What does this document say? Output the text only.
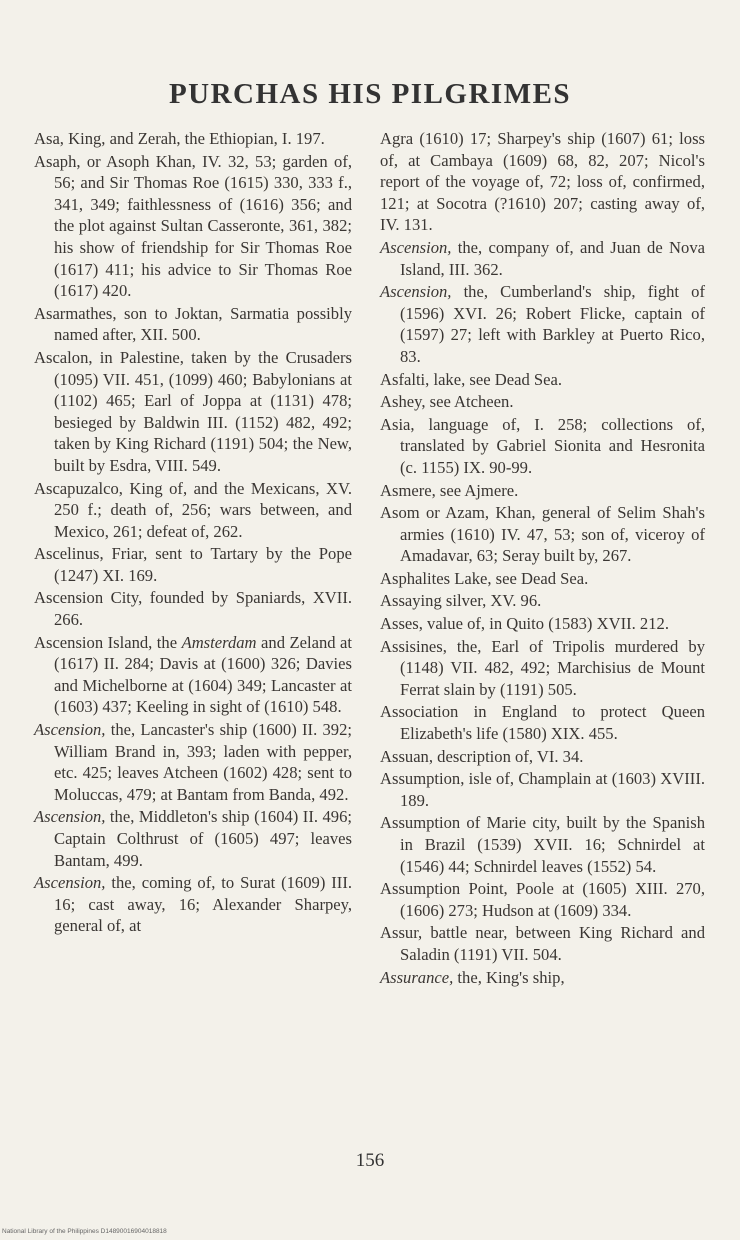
PURCHAS HIS PILGRIMES

Asa, King, and Zerah, the Ethiopian, I. 197.

Asaph, or Asoph Khan, IV. 32, 53; garden of, 56; and Sir Thomas Roe (1615) 330, 333 f., 341, 349; faithlessness of (1616) 356; and the plot against Sultan Casseronte, 361, 382; his show of friendship for Sir Thomas Roe (1617) 411; his advice to Sir Thomas Roe (1617) 420.

Asarmathes, son to Joktan, Sarmatia possibly named after, XII. 500.

Ascalon, in Palestine, taken by the Crusaders (1095) VII. 451, (1099) 460; Babylonians at (1102) 465; Earl of Joppa at (1131) 478; besieged by Baldwin III. (1152) 482, 492; taken by King Richard (1191) 504; the New, built by Esdra, VIII. 549.

Ascapuzalco, King of, and the Mexicans, XV. 250 f.; death of, 256; wars between, and Mexico, 261; defeat of, 262.

Ascelinus, Friar, sent to Tartary by the Pope (1247) XI. 169.

Ascension City, founded by Spaniards, XVII. 266.

Ascension Island, the Amsterdam and Zeland at (1617) II. 284; Davis at (1600) 326; Davies and Michelborne at (1604) 349; Lancaster at (1603) 437; Keeling in sight of (1610) 548.

Ascension, the, Lancaster's ship (1600) II. 392; William Brand in, 393; laden with pepper, etc. 425; leaves Atcheen (1602) 428; sent to Moluccas, 479; at Bantam from Banda, 492.

Ascension, the, Middleton's ship (1604) II. 496; Captain Colthrust of (1605) 497; leaves Bantam, 499.

Ascension, the, coming of, to Surat (1609) III. 16; cast away, 16; Alexander Sharpey, general of, at

Agra (1610) 17; Sharpey's ship (1607) 61; loss of, at Cambaya (1609) 68, 82, 207; Nicol's report of the voyage of, 72; loss of, confirmed, 121; at Socotra (?1610) 207; casting away of, IV. 131.

Ascension, the, company of, and Juan de Nova Island, III. 362.

Ascension, the, Cumberland's ship, fight of (1596) XVI. 26; Robert Flicke, captain of (1597) 27; left with Barkley at Puerto Rico, 83.

Asfalti, lake, see Dead Sea.

Ashey, see Atcheen.

Asia, language of, I. 258; collections of, translated by Gabriel Sionita and Hesronita (c. 1155) IX. 90-99.

Asmere, see Ajmere.

Asom or Azam, Khan, general of Selim Shah's armies (1610) IV. 47, 53; son of, viceroy of Amadavar, 63; Seray built by, 267.

Asphalites Lake, see Dead Sea.

Assaying silver, XV. 96.

Asses, value of, in Quito (1583) XVII. 212.

Assisines, the, Earl of Tripolis murdered by (1148) VII. 482, 492; Marchisius de Mount Ferrat slain by (1191) 505.

Association in England to protect Queen Elizabeth's life (1580) XIX. 455.

Assuan, description of, VI. 34.

Assumption, isle of, Champlain at (1603) XVIII. 189.

Assumption of Marie city, built by the Spanish in Brazil (1539) XVII. 16; Schnirdel at (1546) 44; Schnirdel leaves (1552) 54.

Assumption Point, Poole at (1605) XIII. 270, (1606) 273; Hudson at (1609) 334.

Assur, battle near, between King Richard and Saladin (1191) VII. 504.

Assurance, the, King's ship,

156
National Library of the Philippines D14890016904018818
